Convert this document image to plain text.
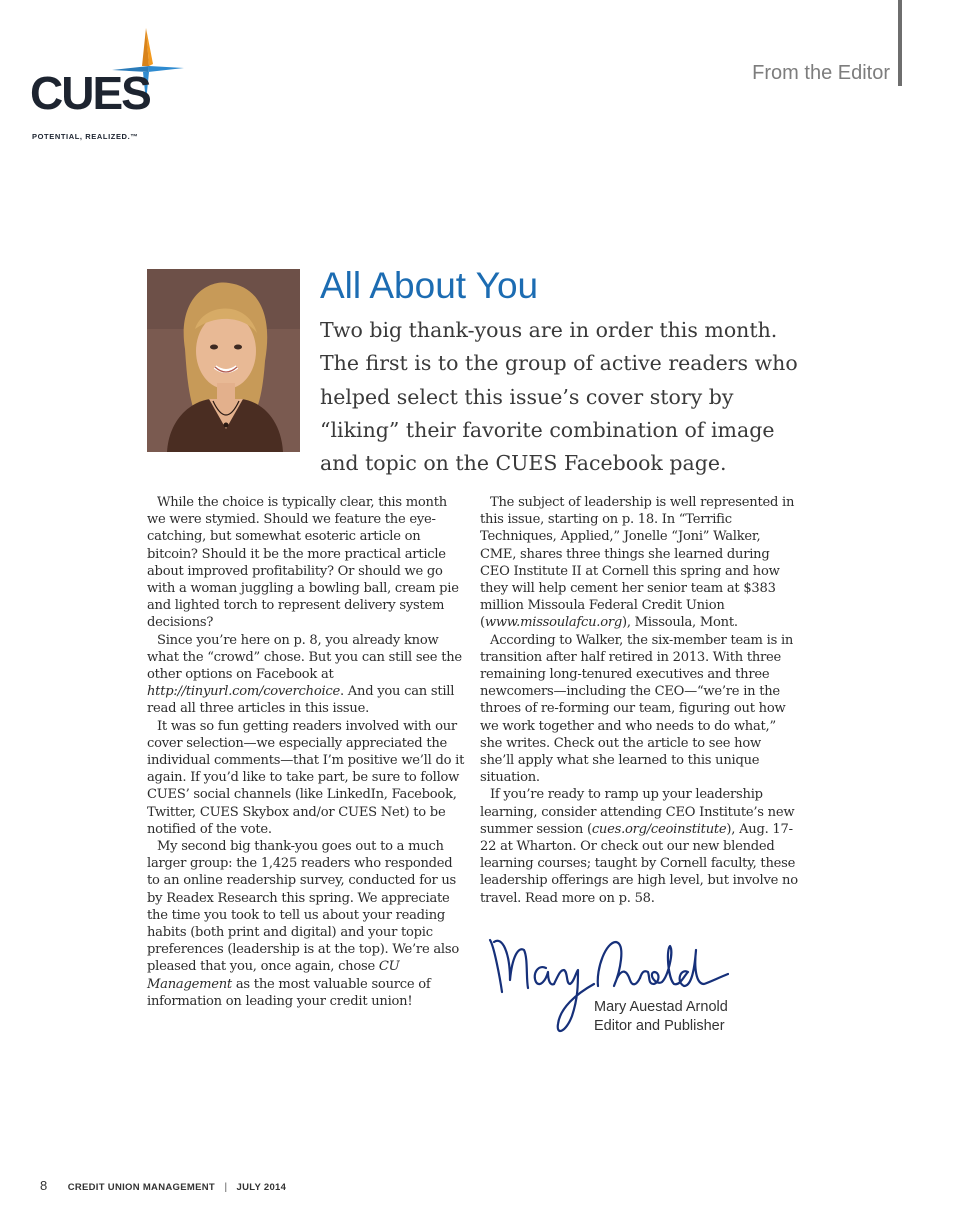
CUES
POTENTIAL, REALIZED.™
From the Editor
All About You

Two big thank-yous are in order this month. The first is to the group of active readers who helped select this issue’s cover story by “liking” their favorite combination of image and topic on the CUES Facebook page.

While the choice is typically clear, this month we were stymied. Should we feature the eye-catching, but somewhat esoteric article on bitcoin? Should it be the more practical article about improved profitability? Or should we go with a woman juggling a bowling ball, cream pie and lighted torch to represent delivery system decisions?

Since you’re here on p. 8, you already know what the “crowd” chose. But you can still see the other options on Facebook at http://tinyurl.com/coverchoice. And you can still read all three articles in this issue.

It was so fun getting readers involved with our cover selection—we especially appreciated the individual comments—that I’m positive we’ll do it again. If you’d like to take part, be sure to follow CUES’ social channels (like LinkedIn, Facebook, Twitter, CUES Skybox and/or CUES Net) to be notified of the vote.

My second big thank-you goes out to a much larger group: the 1,425 readers who responded to an online readership survey, conducted for us by Readex Research this spring. We appreciate the time you took to tell us about your reading habits (both print and digital) and your topic preferences (leadership is at the top). We’re also pleased that you, once again, chose CU Management as the most valuable source of information on leading your credit union!

The subject of leadership is well represented in this issue, starting on p. 18. In “Terrific Techniques, Applied,” Jonelle “Joni” Walker, CME, shares three things she learned during CEO Institute II at Cornell this spring and how they will help cement her senior team at $383 million Missoula Federal Credit Union (www.missoulafcu.org), Missoula, Mont.

According to Walker, the six-member team is in transition after half retired in 2013. With three remaining long-tenured executives and three newcomers—including the CEO—“we’re in the throes of re-forming our team, figuring out how we work together and who needs to do what,” she writes. Check out the article to see how she’ll apply what she learned to this unique situation.

If you’re ready to ramp up your leadership learning, consider attending CEO Institute’s new summer session (cues.org/ceoinstitute), Aug. 17-22 at Wharton. Or check out our new blended learning courses; taught by Cornell faculty, these leadership offerings are high level, but involve no travel. Read more on p. 58.

Mary Auestad Arnold
Editor and Publisher
8 CREDIT UNION MANAGEMENT | JULY 2014
